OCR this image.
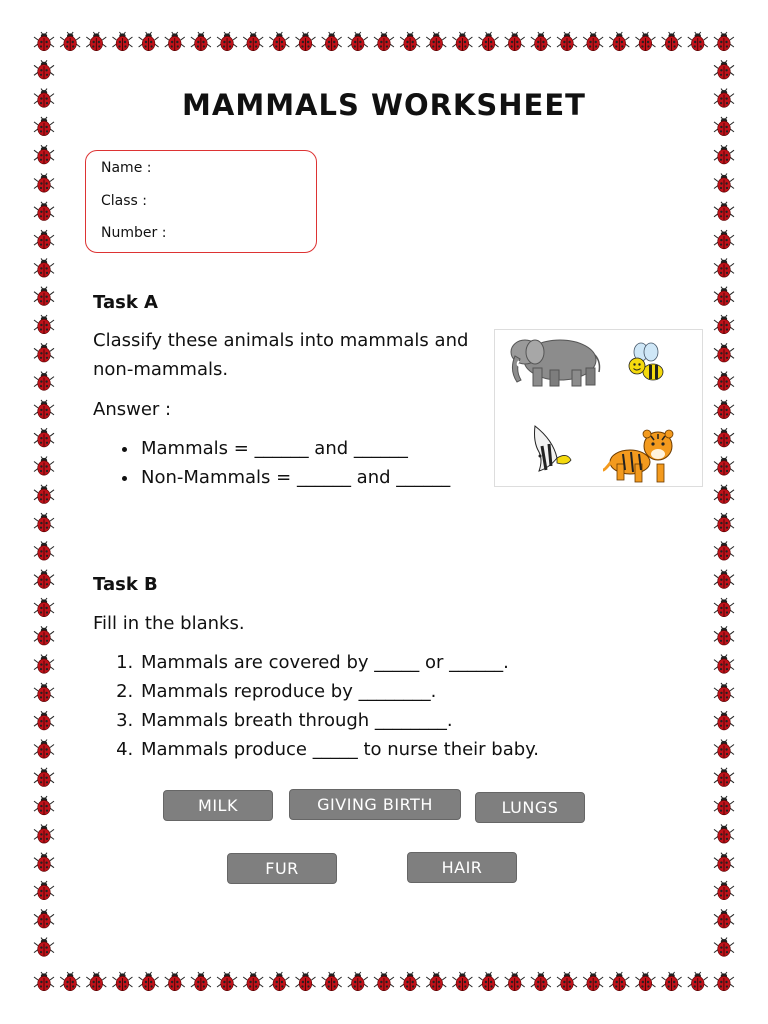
MAMMALS WORKSHEET
Name :
Class :
Number :
Task A
Classify these animals into mammals and
non-mammals.
Answer :
• Mammals = ______ and ______
• Non-Mammals = ______ and ______
Task B
Fill in the blanks.
1. Mammals are covered by _____ or ______.
2. Mammals reproduce by ________.
3. Mammals breath through ________.
4. Mammals produce _____ to nurse their baby.
MILK	GIVING BIRTH	LUNGS
FUR	HAIR
